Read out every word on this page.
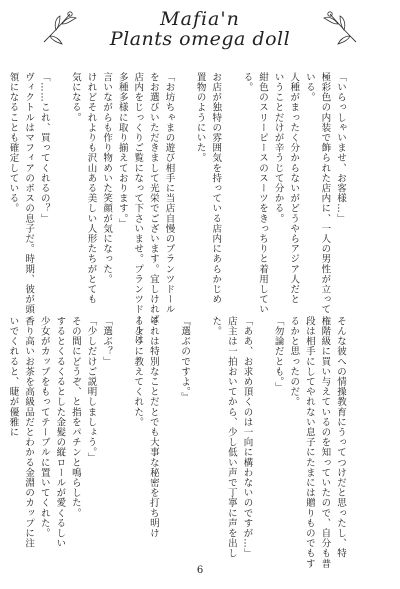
Mafia'n
Plants omega doll
「いらっしゃいませ、お客様…」
極彩色の内装で飾られた店内に、一人の男性が立って
いる。
人種がまったく分からないがどうやらアジア人だと
いうことだけが辛うじて分かる。
紺色のスリーピースのスーツをきっちりと着用してい
る。
お店が独特の雰囲気を持っている店内にあらかじめ
置物のようにいた。
「お坊ちゃまの遊び相手に当店自慢のプランツドール
をお選びいただきまして光栄でございます。宜しければ
店内をじっくりご覧になって下さいませ。プランツドールは
多種多様に取り揃えております。」
言いながらも作り物めいた笑顔が気になった。
けれどそれよりも沢山ある美しい人形たちがとても
気になる。
「……これ、買ってくれるの？」
ヴィクトルはマフィアのボスの息子だ。時期、彼が頭
領になることも確定している。
そんな彼への情操教育にうってつけだと思ったし、特
権階級に買い与えているのを知っていたので、自分も普
段は相手にしてやれない息子にたまには贈りものでもす
るかと思ったのだ。
「勿論だとも。」
「ああ、お求め頂くのは一向に構わないのですが…」
店主は一拍おいてから、少し低い声で丁寧に声を出し
た。
『選ぶのですよ。』
それは特別なことだとでも大事な秘密を打ち明け
るように教えてくれた。
「選ぶ？」
「少しだけご説明しましょう。」
その間にどうぞ、と指をパチンと鳴らした。
するとくるくるとした金髪の縦ロールが愛くるしい
少女がカップをもってテーブルに置いてくれた。
香り高いお茶を高級品だとわかる金淵のカップに注
いでくれると、睫が優雅に
6
